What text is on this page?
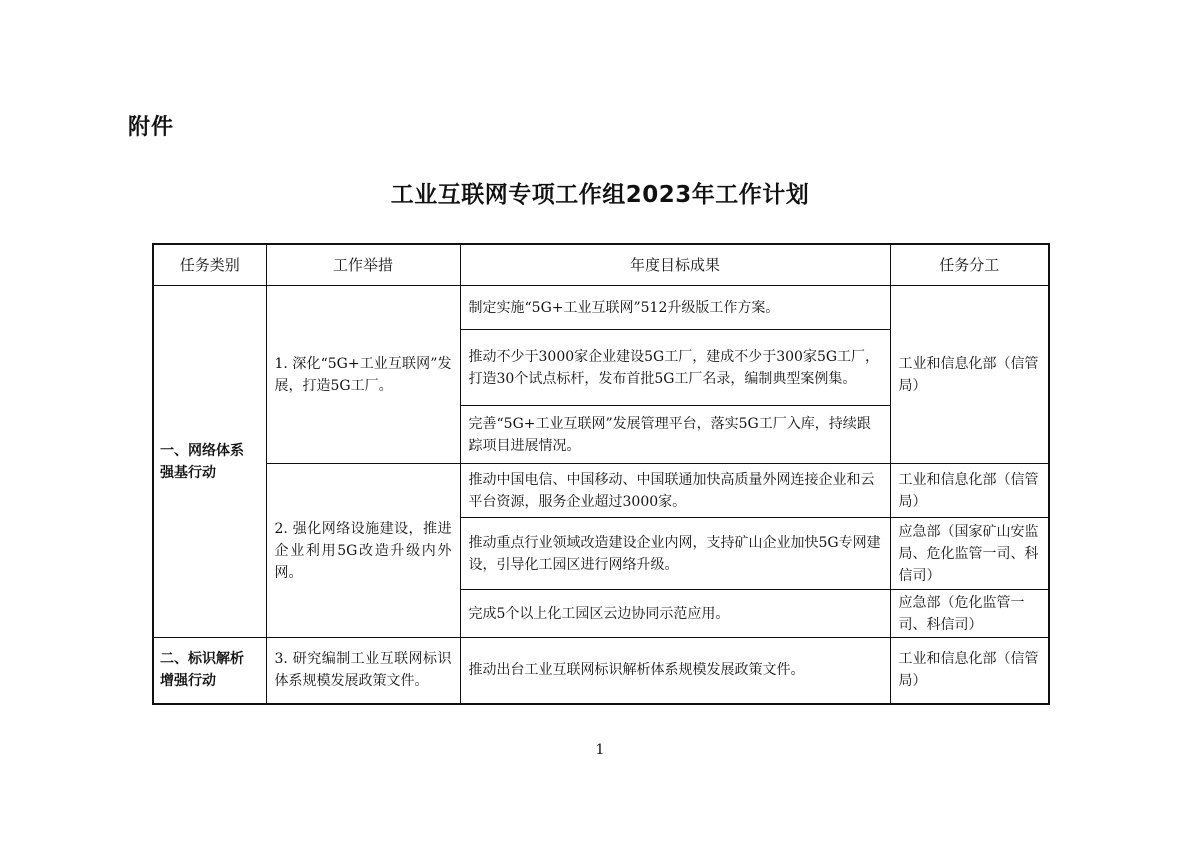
附件
工业互联网专项工作组2023年工作计划
任务类别	工作举措	年度目标成果	任务分工
一、网络体系强基行动	1. 深化“5G+工业互联网”发展，打造5G工厂。	制定实施“5G+工业互联网”512升级版工作方案。	工业和信息化部（信管局）
		推动不少于3000家企业建设5G工厂，建成不少于300家5G工厂，打造30个试点标杆，发布首批5G工厂名录，编制典型案例集。	
		完善“5G+工业互联网”发展管理平台，落实5G工厂入库，持续跟踪项目进展情况。	
	2. 强化网络设施建设，推进企业利用5G改造升级内外网。	推动中国电信、中国移动、中国联通加快高质量外网连接企业和云平台资源，服务企业超过3000家。	工业和信息化部（信管局）
		推动重点行业领域改造建设企业内网，支持矿山企业加快5G专网建设，引导化工园区进行网络升级。	应急部（国家矿山安监局、危化监管一司、科信司）
		完成5个以上化工园区云边协同示范应用。	应急部（危化监管一司、科信司）
二、标识解析增强行动	3. 研究编制工业互联网标识体系规模发展政策文件。	推动出台工业互联网标识解析体系规模发展政策文件。	工业和信息化部（信管局）
1
